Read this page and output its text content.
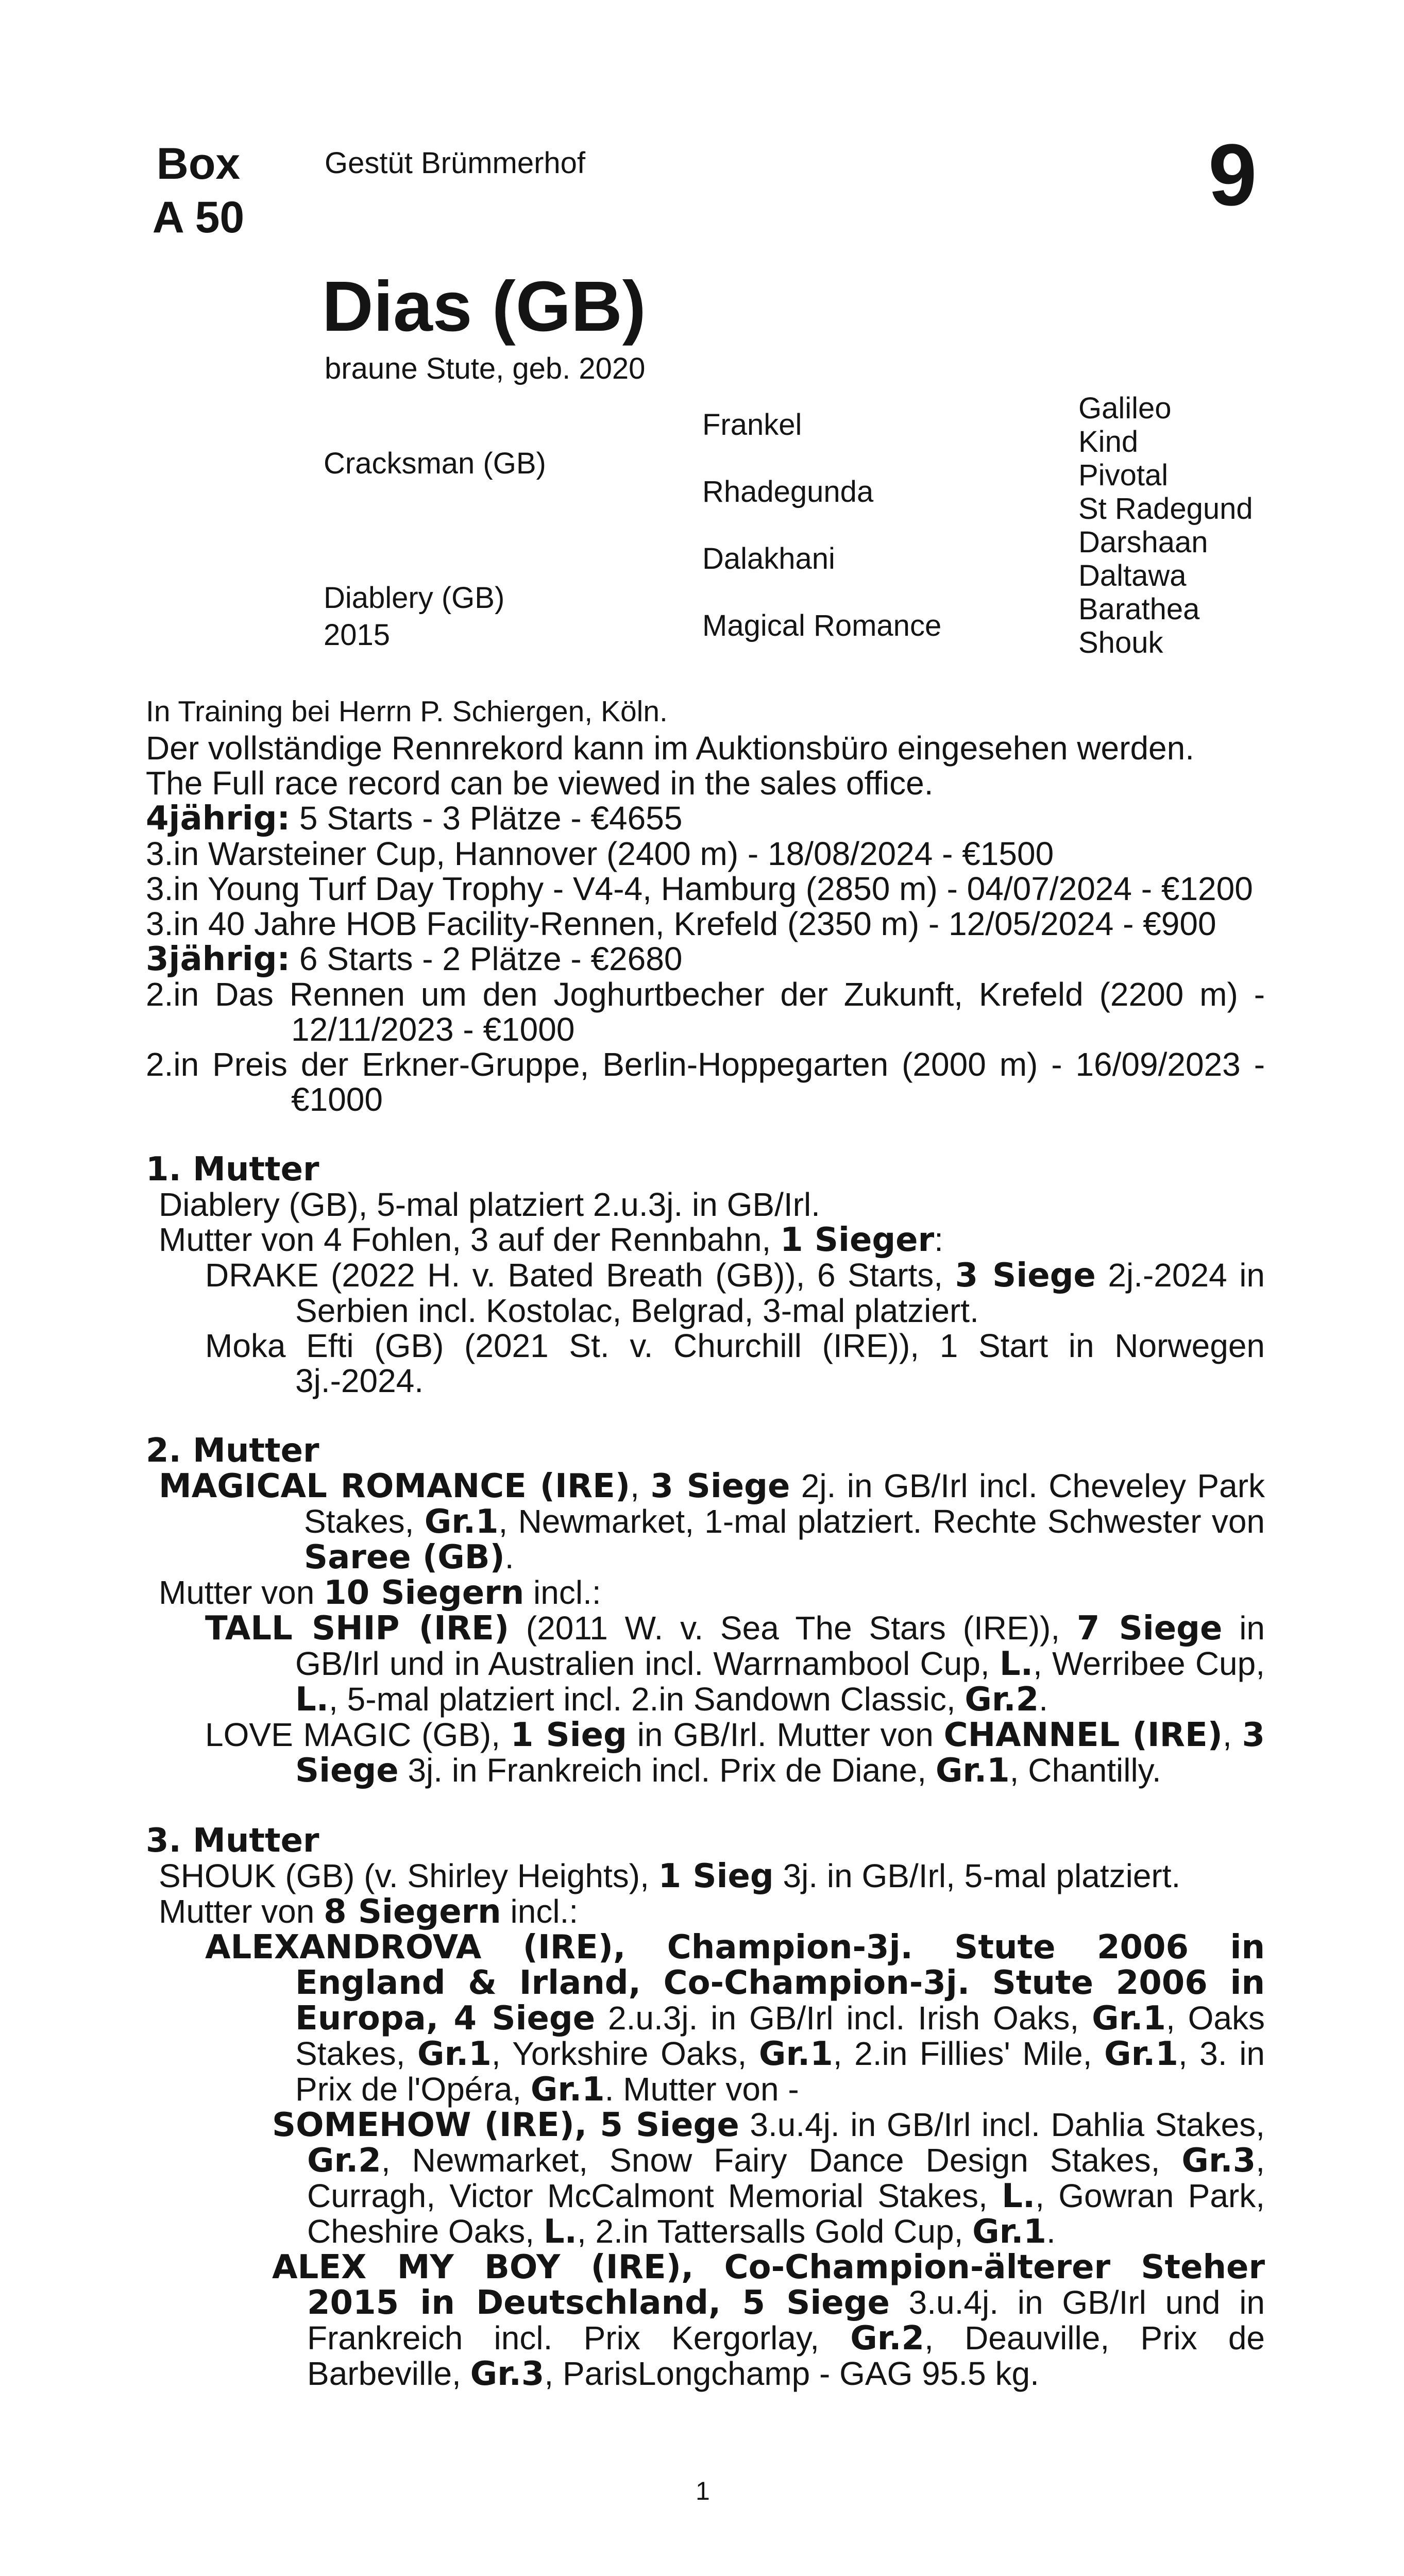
Box
A 50
Gestüt Brümmerhof	9
Dias (GB)
braune Stute, geb. 2020
Cracksman (GB)
Diablery (GB)
2015
Frankel
Rhadegunda
Dalakhani
Magical Romance
Galileo
Kind
Pivotal
St Radegund
Darshaan
Daltawa
Barathea
Shouk
In Training bei Herrn P. Schiergen, Köln.

Der vollständige Rennrekord kann im Auktionsbüro eingesehen werden.

The Full race record can be viewed in the sales office.

4jährig: 5 Starts - 3 Plätze - €4655

3.in Warsteiner Cup, Hannover (2400 m) - 18/08/2024 - €1500

3.in Young Turf Day Trophy - V4-4, Hamburg (2850 m) - 04/07/2024 - €1200

3.in 40 Jahre HOB Facility-Rennen, Krefeld (2350 m) - 12/05/2024 - €900

3jährig: 6 Starts - 2 Plätze - €2680

2.in Das Rennen um den Joghurtbecher der Zukunft, Krefeld (2200 m) - 12/11/2023 - €1000

2.in Preis der Erkner-Gruppe, Berlin-Hoppegarten (2000 m) - 16/09/2023 - €1000

1. Mutter

Diablery (GB), 5-mal platziert 2.u.3j. in GB/Irl.

Mutter von 4 Fohlen, 3 auf der Rennbahn, 1 Sieger:

DRAKE (2022 H. v. Bated Breath (GB)), 6 Starts, 3 Siege 2j.-2024 in Serbien incl. Kostolac, Belgrad, 3-mal platziert.

Moka Efti (GB) (2021 St. v. Churchill (IRE)), 1 Start in Norwegen 3j.-2024.

2. Mutter

MAGICAL ROMANCE (IRE), 3 Siege 2j. in GB/Irl incl. Cheveley Park Stakes, Gr.1, Newmarket, 1-mal platziert. Rechte Schwester von Saree (GB).

Mutter von 10 Siegern incl.:

TALL SHIP (IRE) (2011 W. v. Sea The Stars (IRE)), 7 Siege in GB/Irl und in Australien incl. Warrnambool Cup, L., Werribee Cup, L., 5-mal platziert incl. 2.in Sandown Classic, Gr.2.

LOVE MAGIC (GB), 1 Sieg in GB/Irl. Mutter von CHANNEL (IRE), 3 Siege 3j. in Frankreich incl. Prix de Diane, Gr.1, Chantilly.

3. Mutter

SHOUK (GB) (v. Shirley Heights), 1 Sieg 3j. in GB/Irl, 5-mal platziert.

Mutter von 8 Siegern incl.:

ALEXANDROVA (IRE), Champion-3j. Stute 2006 in England & Irland, Co-Champion-3j. Stute 2006 in Europa, 4 Siege 2.u.3j. in GB/Irl incl. Irish Oaks, Gr.1, Oaks Stakes, Gr.1, Yorkshire Oaks, Gr.1, 2.in Fillies' Mile, Gr.1, 3. in Prix de l'Opéra, Gr.1. Mutter von -

SOMEHOW (IRE), 5 Siege 3.u.4j. in GB/Irl incl. Dahlia Stakes, Gr.2, Newmarket, Snow Fairy Dance Design Stakes, Gr.3, Curragh, Victor McCalmont Memorial Stakes, L., Gowran Park, Cheshire Oaks, L., 2.in Tattersalls Gold Cup, Gr.1.

ALEX MY BOY (IRE), Co-Champion-älterer Steher 2015 in Deutschland, 5 Siege 3.u.4j. in GB/Irl und in Frankreich incl. Prix Kergorlay, Gr.2, Deauville, Prix de Barbeville, Gr.3, ParisLongchamp - GAG 95.5 kg.

1
